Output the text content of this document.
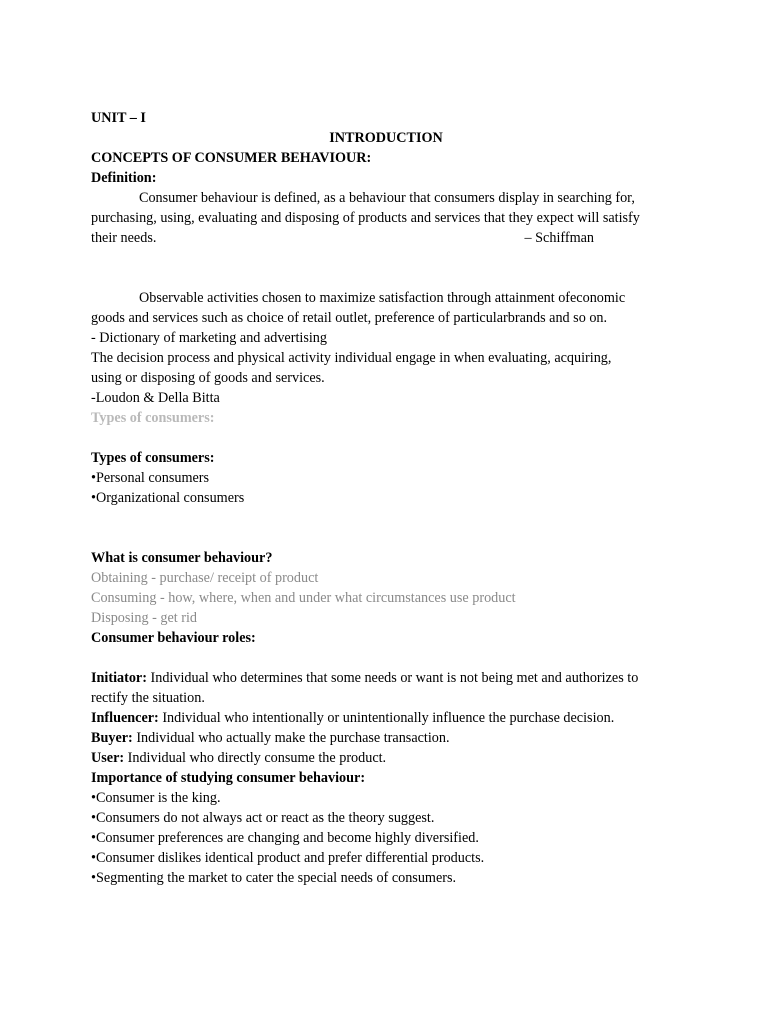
UNIT – I
INTRODUCTION
CONCEPTS OF CONSUMER BEHAVIOUR:
Definition:
Consumer behaviour is defined, as a behaviour that consumers display in searching for,
purchasing, using, evaluating and disposing of products and services that they expect will satisfy
their needs.	– Schiffman
Observable activities chosen to maximize satisfaction through attainment ofeconomic
goods and services such as choice of retail outlet, preference of particularbrands and so on.
- Dictionary of marketing and advertising
The decision process and physical activity individual engage in when evaluating, acquiring,
using or disposing of goods and services.
-Loudon & Della Bitta
Types of consumers:
Types of consumers:
•Personal consumers
•Organizational consumers
What is consumer behaviour?
Obtaining - purchase/ receipt of product
Consuming - how, where, when and under what circumstances use product
Disposing - get rid
Consumer behaviour roles:
Initiator: Individual who determines that some needs or want is not being met and authorizes to
rectify the situation.
Influencer: Individual who intentionally or unintentionally influence the purchase decision.
Buyer: Individual who actually make the purchase transaction.
User: Individual who directly consume the product.
Importance of studying consumer behaviour:
•Consumer is the king.
•Consumers do not always act or react as the theory suggest.
•Consumer preferences are changing and become highly diversified.
•Consumer dislikes identical product and prefer differential products.
•Segmenting the market to cater the special needs of consumers.
